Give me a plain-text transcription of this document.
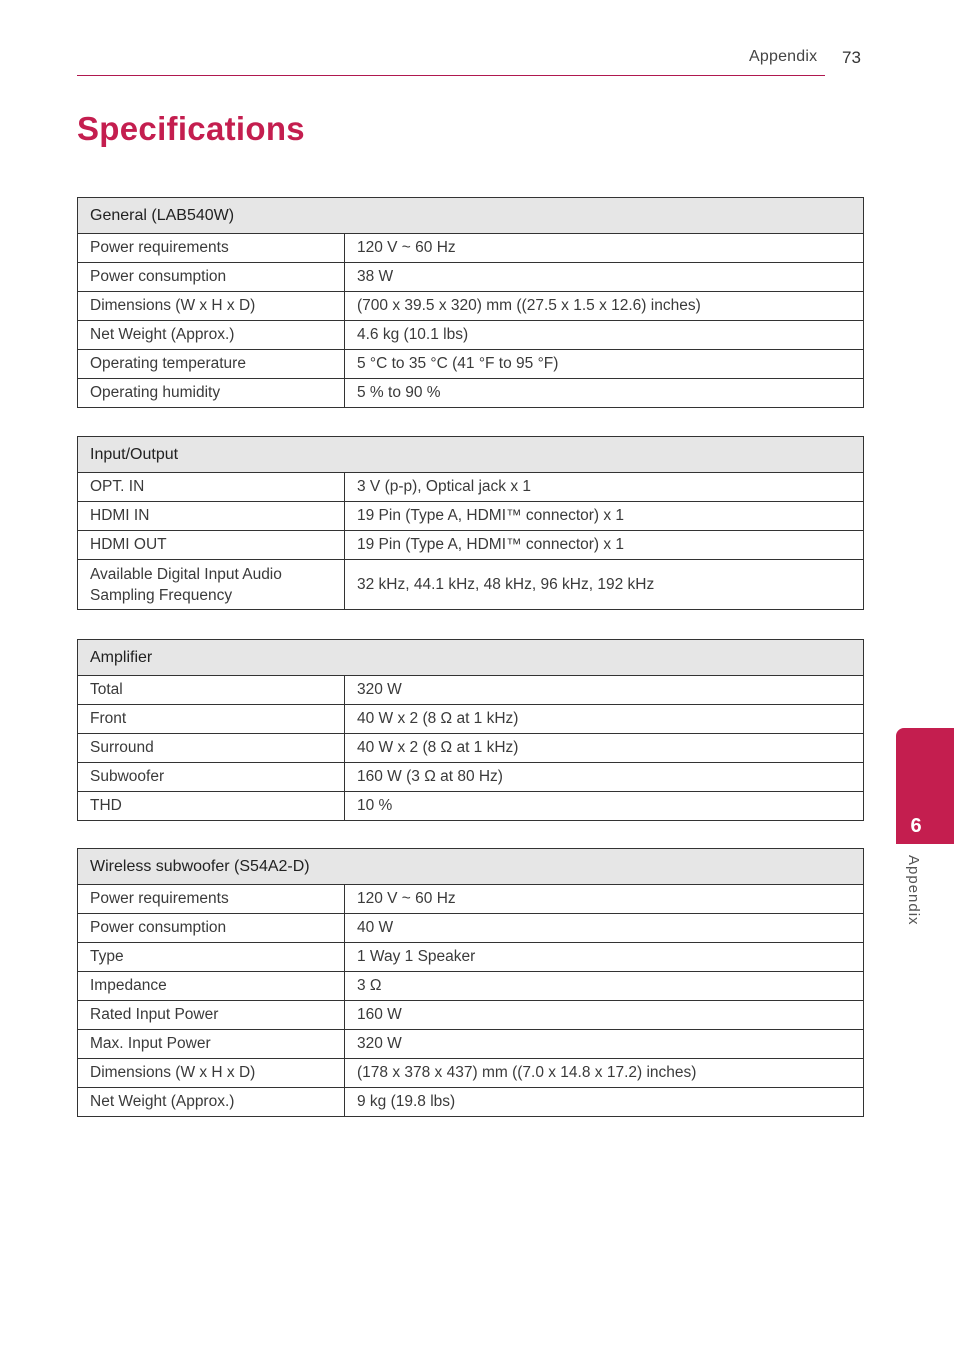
Appendix 73
Specifications
General (LAB540W)	
Power requirements	120 V ~ 60 Hz
Power consumption	38 W
Dimensions (W x H x D)	(700 x 39.5 x 320) mm ((27.5 x 1.5 x 12.6) inches)
Net Weight (Approx.)	4.6 kg (10.1 lbs)
Operating temperature	5 °C to 35 °C (41 °F to 95 °F)
Operating humidity	5 % to 90 %
Input/Output	
OPT. IN	3 V (p-p), Optical jack x 1
HDMI IN	19 Pin (Type A, HDMI™ connector) x 1
HDMI OUT	19 Pin (Type A, HDMI™ connector) x 1
Available Digital Input Audio
Sampling Frequency	32 kHz, 44.1 kHz, 48 kHz, 96 kHz, 192 kHz
Amplifier	
Total	320 W
Front	40 W x 2 (8 Ω at 1 kHz)
Surround	40 W x 2 (8 Ω at 1 kHz)
Subwoofer	160 W (3 Ω at 80 Hz)
THD	10 %
Wireless subwoofer (S54A2-D)	
Power requirements	120 V ~ 60 Hz
Power consumption	40 W
Type	1 Way 1 Speaker
Impedance	3 Ω
Rated Input Power	160 W
Max. Input Power	320 W
Dimensions (W x H x D)	(178 x 378 x 437) mm ((7.0 x 14.8 x 17.2) inches)
Net Weight (Approx.)	9 kg (19.8 lbs)
6
Appendix
